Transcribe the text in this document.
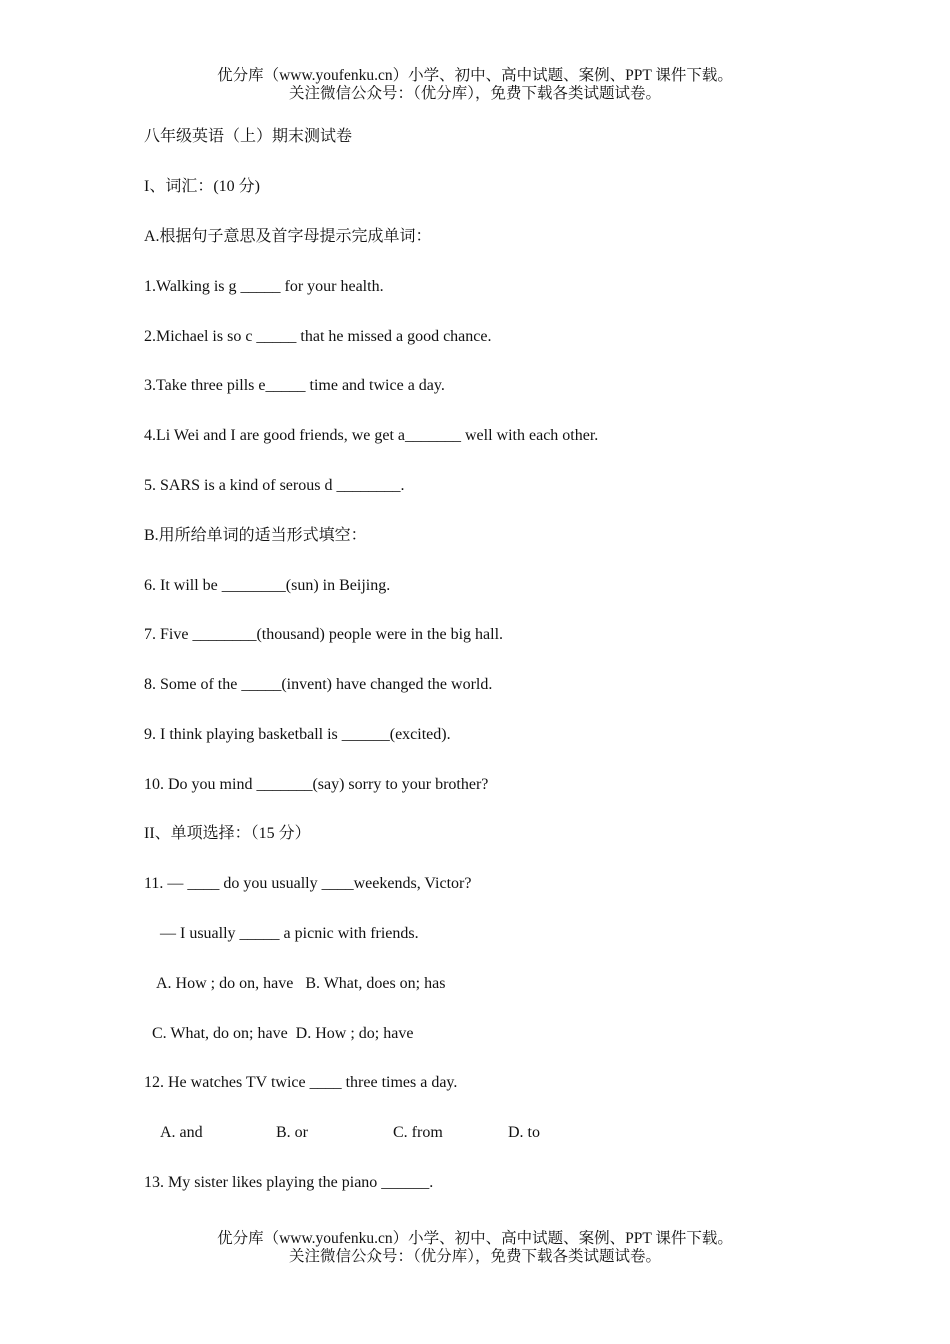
优分库（www.youfenku.cn）小学、初中、高中试题、案例、PPT 课件下载。
关注微信公众号：（优分库），免费下载各类试题试卷。
八年级英语（上）期末测试卷
I、词汇：(10 分)
A.根据句子意思及首字母提示完成单词：
1.Walking is g _____ for your health.
2.Michael is so c _____ that he missed a good chance.
3.Take three pills e_____ time and twice a day.
4.Li Wei and I are good friends, we get a_______ well with each other.
5. SARS is a kind of serous d ________.
B.用所给单词的适当形式填空：
6. It will be ________(sun) in Beijing.
7. Five ________(thousand) people were in the big hall.
8. Some of the _____(invent) have changed the world.
9. I think playing basketball is ______(excited).
10. Do you mind _______(say) sorry to your brother?
II、单项选择：（15 分）
11. — ____ do you usually ____weekends, Victor?
— I usually _____ a picnic with friends.
A. How ; do on, have   B. What, does on; has
C. What, do on; have  D. How ; do; have
12. He watches TV twice ____ three times a day.
A. and	B. or	C. from	D. to
13. My sister likes playing the piano ______.
优分库（www.youfenku.cn）小学、初中、高中试题、案例、PPT 课件下载。
关注微信公众号：（优分库），免费下载各类试题试卷。
